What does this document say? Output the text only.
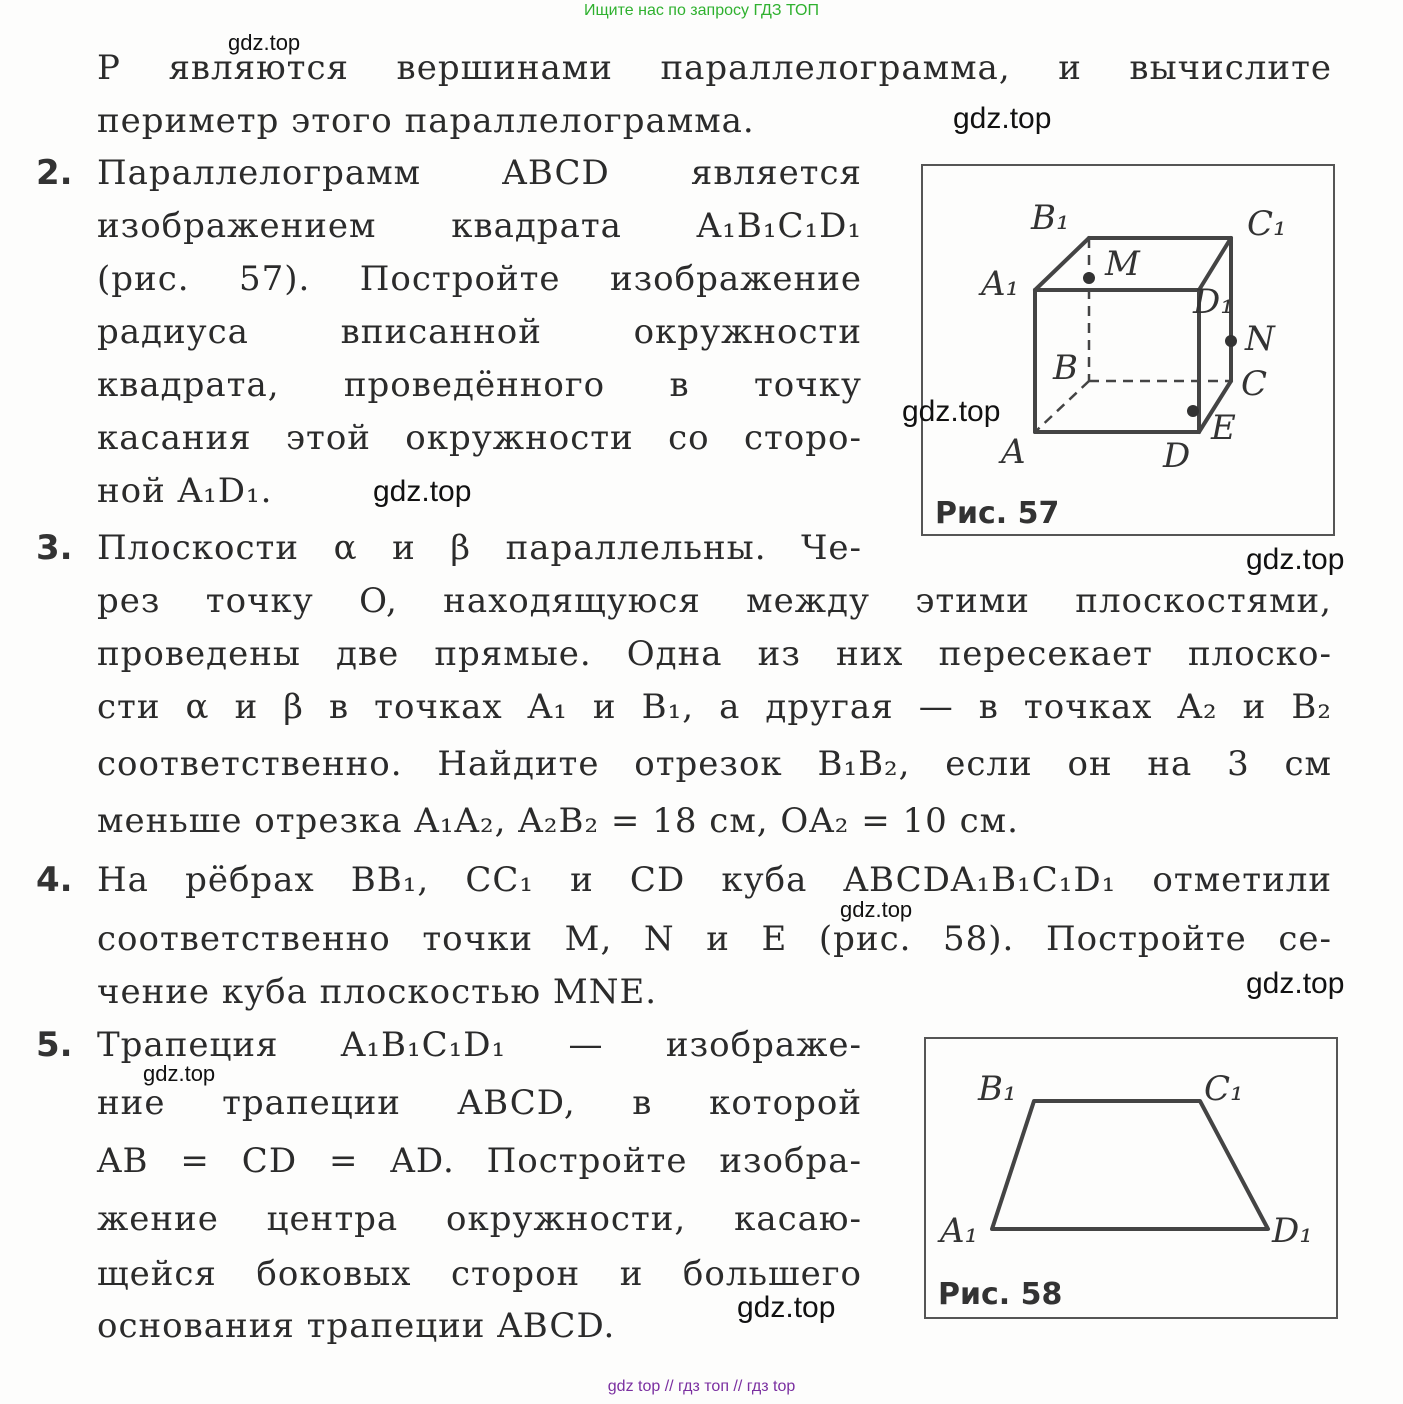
Ищите нас по запросу ГДЗ ТОП
P являются вершинами параллелограмма, и вычислите
периметр этого параллелограмма.
2. Параллелограмм ABCD является
изображением квадрата A₁B₁C₁D₁
(рис. 57). Постройте изображение
радиуса вписанной окружности
квадрата, проведённого в точку
касания этой окружности со сторо-
ной A₁D₁.
3. Плоскости α и β параллельны. Че-
рез точку O, находящуюся между этими плоскостями,
проведены две прямые. Одна из них пересекает плоско-
сти α и β в точках A₁ и B₁, а другая — в точках A₂ и B₂
соответственно. Найдите отрезок B₁B₂, если он на 3 см
меньше отрезка A₁A₂, A₂B₂ = 18 см, OA₂ = 10 см.
4. На рёбрах BB₁, CC₁ и CD куба ABCDA₁B₁C₁D₁ отметили
соответственно точки M, N и E (рис. 58). Постройте се-
чение куба плоскостью MNE.
5. Трапеция A₁B₁C₁D₁ — изображе-
ние трапеции ABCD, в которой
AB = CD = AD. Постройте изобра-
жение центра окружности, касаю-
щейся боковых сторон и большего
основания трапеции ABCD.
B₁	C₁
M
A₁	D₁
N
B	C
E
A	D
Рис. 57
B₁	C₁
A₁	D₁
Рис. 58
gdz.top
gdz.top
gdz.top
gdz.top
gdz.top
gdz.top
gdz.top
gdz.top
gdz.top
gdz top // гдз топ // гдз top
